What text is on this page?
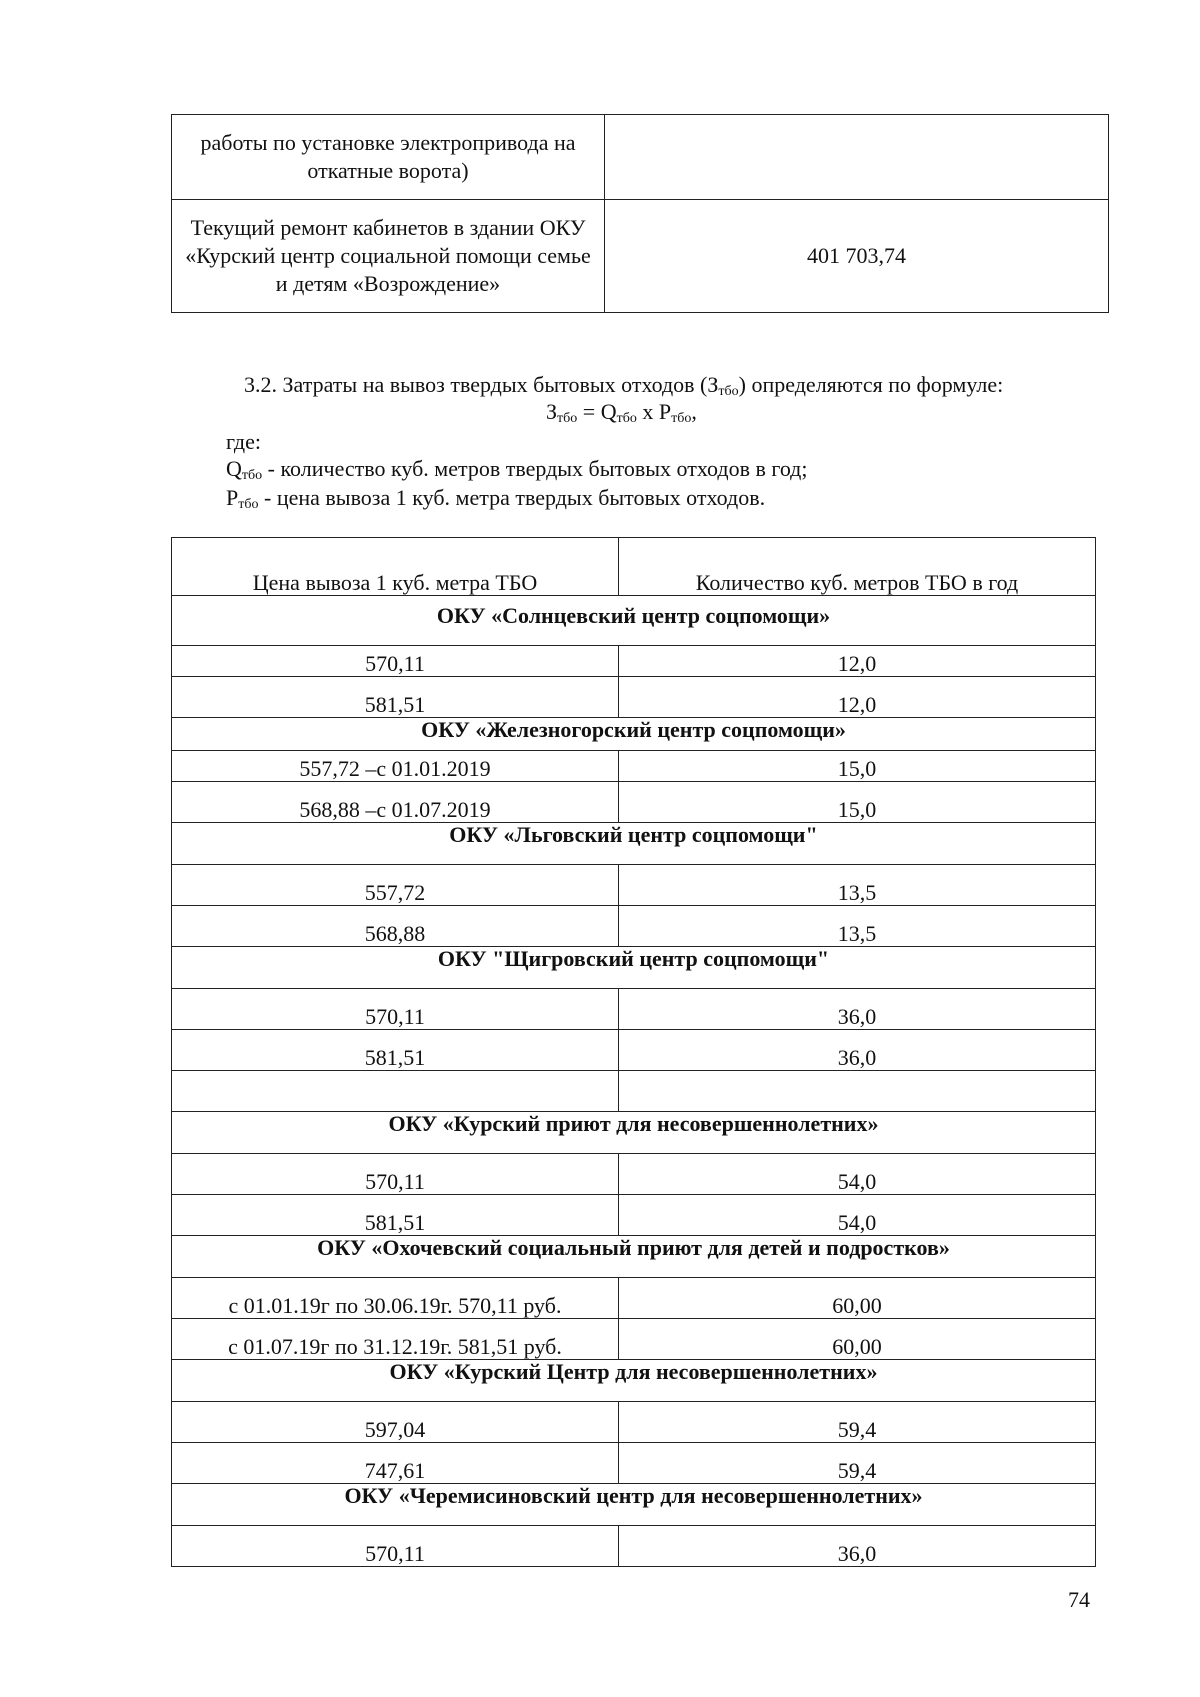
работы по установке электропривода на откатные ворота)	
Текущий ремонт кабинетов в здании ОКУ «Курский центр социальной помощи семье и детям «Возрождение»	401 703,74
3.2. Затраты на вывоз твердых бытовых отходов $(З_{тбо})$ определяются по формуле:
$З_{тбо} = Q_{тбо}$ x $P_{тбо}$,
где:
$Q_{тбо}$ - количество куб. метров твердых бытовых отходов в год;
$P_{тбо}$ - цена вывоза 1 куб. метра твердых бытовых отходов.
Цена вывоза 1 куб. метра ТБО	Количество куб. метров ТБО в год
ОКУ «Солнцевский центр соцпомощи»	
570,11	12,0
581,51	12,0
ОКУ «Железногорский центр соцпомощи»	
557,72 –с 01.01.2019	15,0
568,88 –с 01.07.2019	15,0
ОКУ «Льговский центр соцпомощи"	
557,72	13,5
568,88	13,5
ОКУ "Щигровский центр соцпомощи"	
570,11	36,0
581,51	36,0

ОКУ «Курский приют для несовершеннолетних»	
570,11	54,0
581,51	54,0
ОКУ «Охочевский социальный приют для детей и подростков»	
с 01.01.19г по 30.06.19г. 570,11 руб.	60,00
с 01.07.19г по 31.12.19г. 581,51 руб.	60,00
ОКУ «Курский Центр для несовершеннолетних»	
597,04	59,4
747,61	59,4
ОКУ «Черемисиновский центр для несовершеннолетних»	
570,11	36,0
74
